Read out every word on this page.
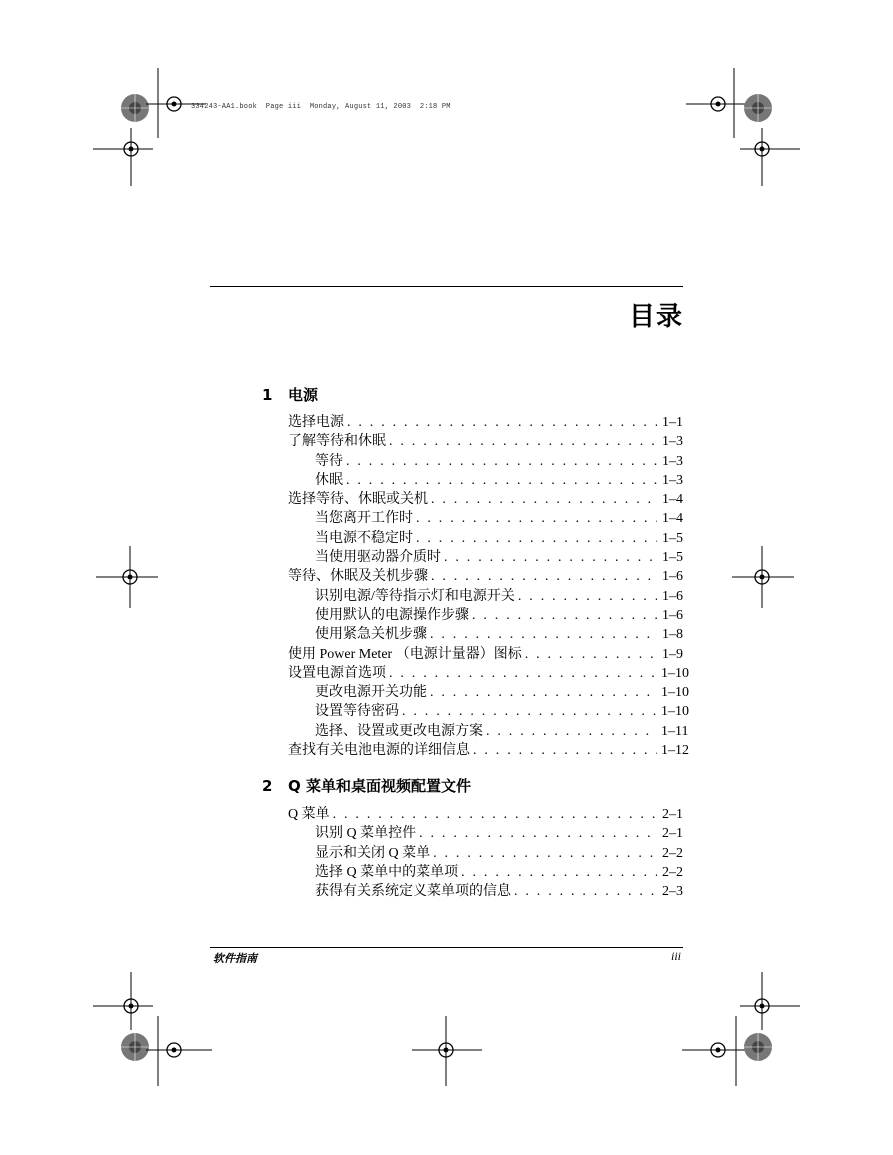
334243-AA1.book  Page iii  Monday, August 11, 2003  2:18 PM
目录
1 电源
选择电源 . . .	1–1
了解等待和休眠 . . .	1–3
等待 . . .	1–3
休眠 . . .	1–3
选择等待、休眠或关机 . . .	1–4
当您离开工作时 . . .	1–4
当电源不稳定时 . . .	1–5
当使用驱动器介质时 . . .	1–5
等待、休眠及关机步骤 . . .	1–6
识别电源/等待指示灯和电源开关 . . .	1–6
使用默认的电源操作步骤 . . .	1–6
使用紧急关机步骤 . . .	1–8
使用 Power Meter （电源计量器）图标 . . .	1–9
设置电源首选项 . . .	1–10
更改电源开关功能 . . .	1–10
设置等待密码 . . .	1–10
选择、设置或更改电源方案 . . .	1–11
查找有关电池电源的详细信息 . . .	1–12
2 Q 菜单和桌面视频配置文件
Q 菜单 . . .	2–1
识别 Q 菜单控件 . . .	2–1
显示和关闭 Q 菜单 . . .	2–2
选择 Q 菜单中的菜单项 . . .	2–2
获得有关系统定义菜单项的信息 . . .	2–3
软件指南	iii
